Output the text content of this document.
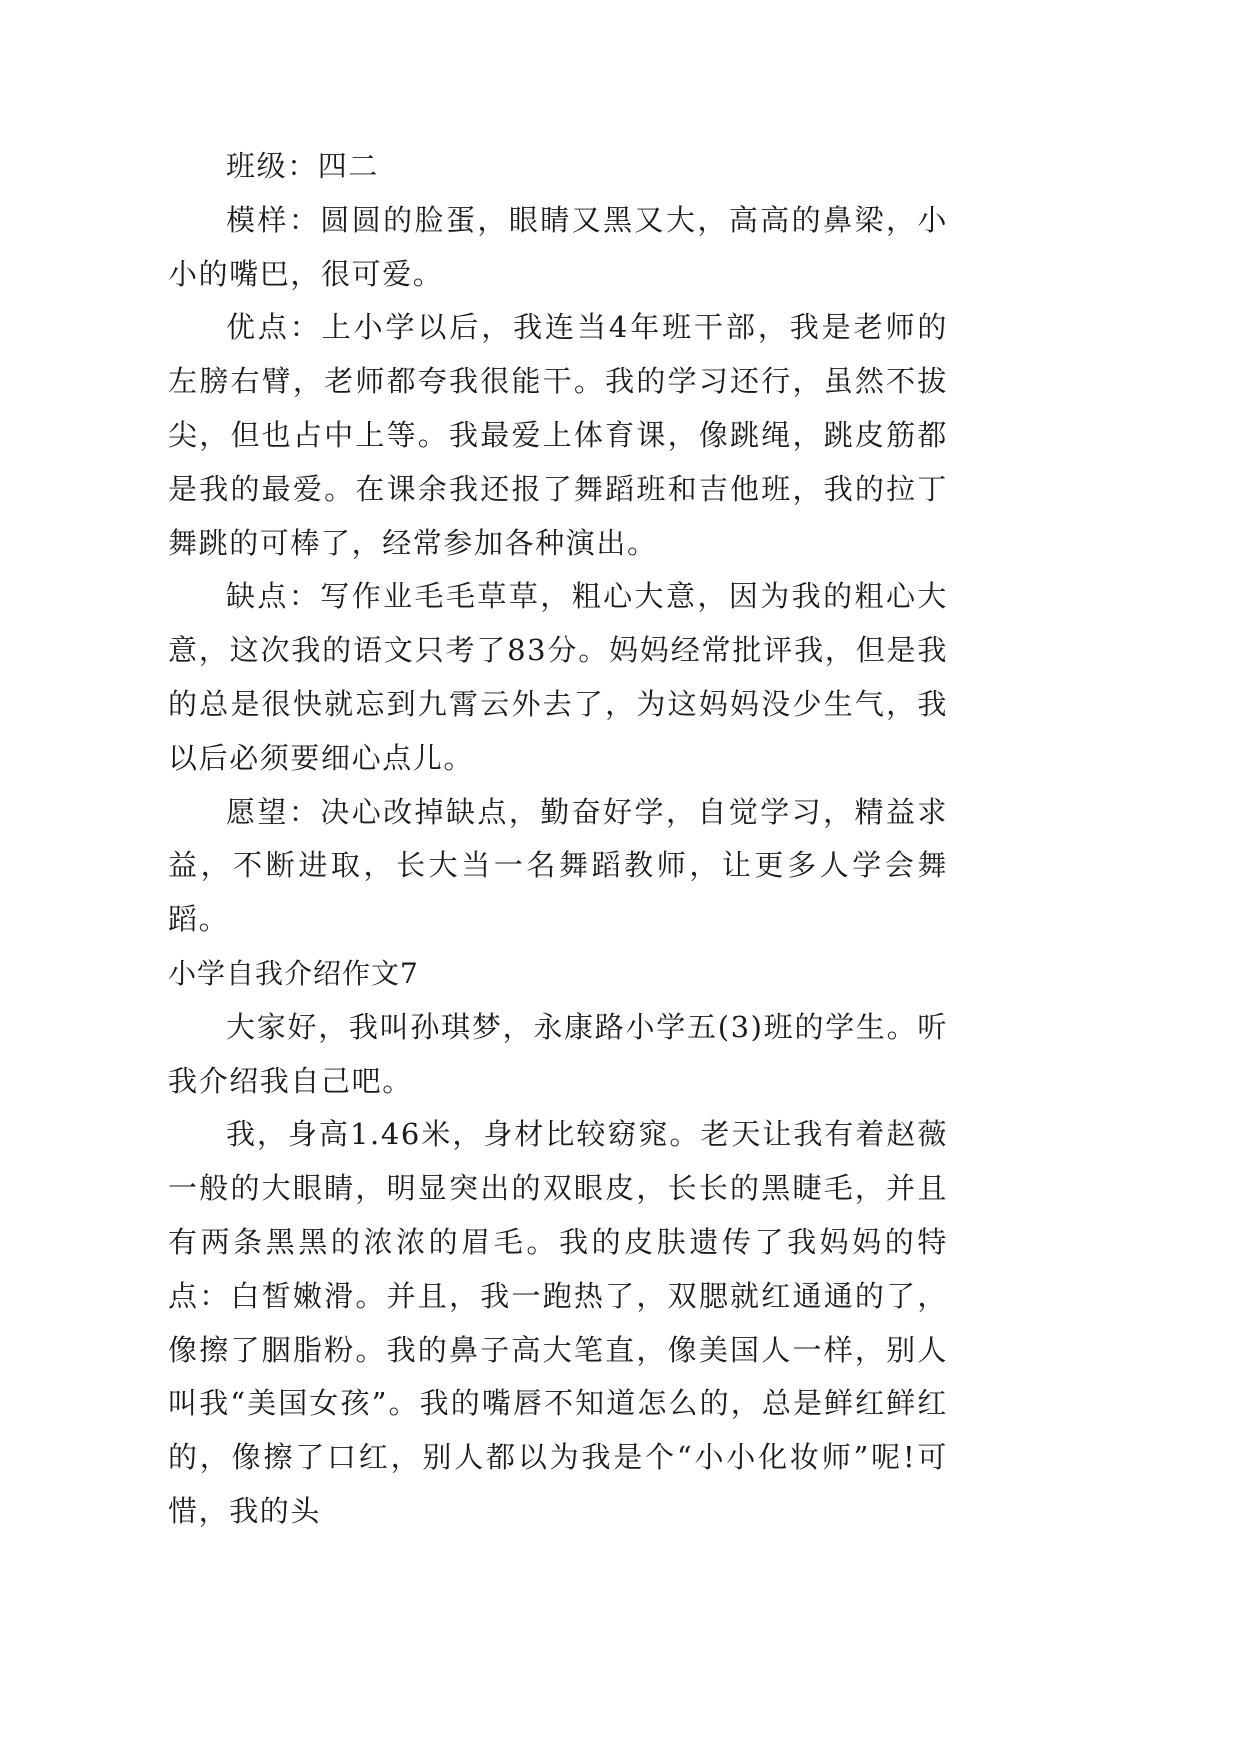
班级：四二

模样：圆圆的脸蛋，眼睛又黑又大，高高的鼻梁，小小的嘴巴，很可爱。

优点：上小学以后，我连当4年班干部，我是老师的左膀右臂，老师都夸我很能干。我的学习还行，虽然不拔尖，但也占中上等。我最爱上体育课，像跳绳，跳皮筋都是我的最爱。在课余我还报了舞蹈班和吉他班，我的拉丁舞跳的可棒了，经常参加各种演出。

缺点：写作业毛毛草草，粗心大意，因为我的粗心大意，这次我的语文只考了83分。妈妈经常批评我，但是我的总是很快就忘到九霄云外去了，为这妈妈没少生气，我以后必须要细心点儿。

愿望：决心改掉缺点，勤奋好学，自觉学习，精益求益，不断进取，长大当一名舞蹈教师，让更多人学会舞蹈。

小学自我介绍作文7

大家好，我叫孙琪梦，永康路小学五(3)班的学生。听我介绍我自己吧。

我，身高1.46米，身材比较窈窕。老天让我有着赵薇一般的大眼睛，明显突出的双眼皮，长长的黑睫毛，并且有两条黑黑的浓浓的眉毛。我的皮肤遗传了我妈妈的特点：白皙嫩滑。并且，我一跑热了，双腮就红通通的了，像擦了胭脂粉。我的鼻子高大笔直，像美国人一样，别人叫我“美国女孩”。我的嘴唇不知道怎么的，总是鲜红鲜红的，像擦了口红，别人都以为我是个“小小化妆师”呢!可惜，我的头
